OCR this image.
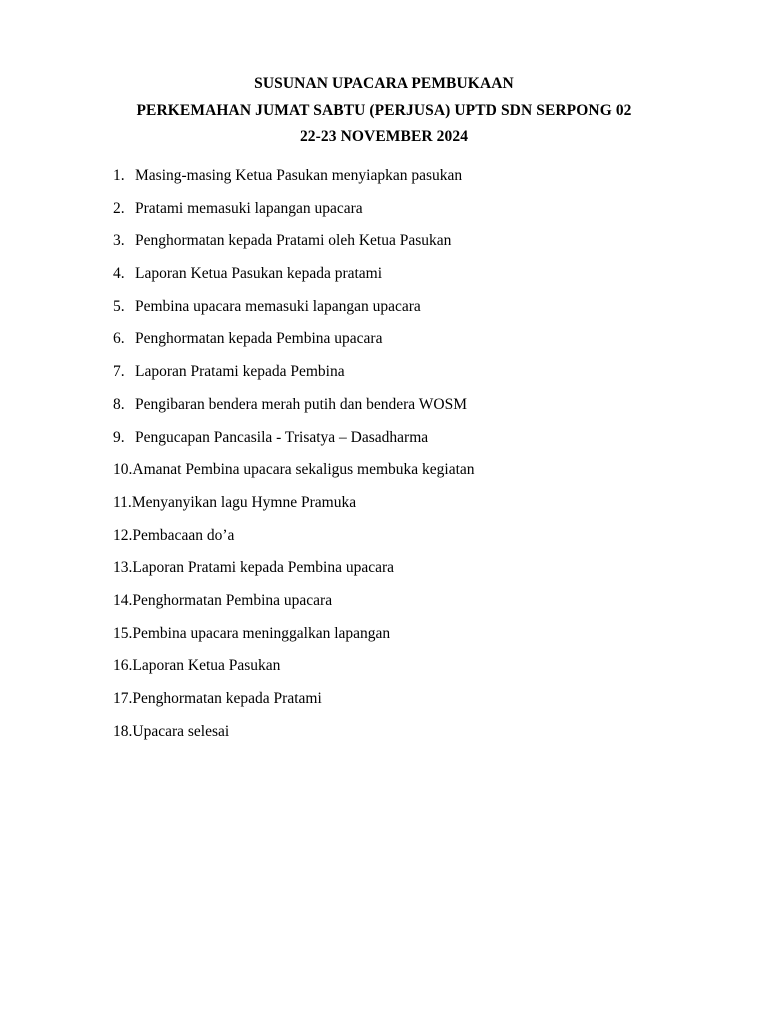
SUSUNAN UPACARA PEMBUKAAN
PERKEMAHAN JUMAT SABTU (PERJUSA) UPTD SDN SERPONG 02
22-23 NOVEMBER 2024
1. Masing-masing Ketua Pasukan menyiapkan pasukan
2. Pratami memasuki lapangan upacara
3. Penghormatan kepada Pratami oleh Ketua Pasukan
4. Laporan Ketua Pasukan kepada pratami
5. Pembina upacara memasuki lapangan upacara
6. Penghormatan kepada Pembina upacara
7. Laporan Pratami kepada Pembina
8. Pengibaran bendera merah putih dan bendera WOSM
9. Pengucapan Pancasila - Trisatya – Dasadharma
10. Amanat Pembina upacara sekaligus membuka kegiatan
11. Menyanyikan lagu Hymne Pramuka
12. Pembacaan do’a
13. Laporan Pratami kepada Pembina upacara
14. Penghormatan Pembina upacara
15. Pembina upacara meninggalkan lapangan
16. Laporan Ketua Pasukan
17. Penghormatan kepada Pratami
18. Upacara selesai
